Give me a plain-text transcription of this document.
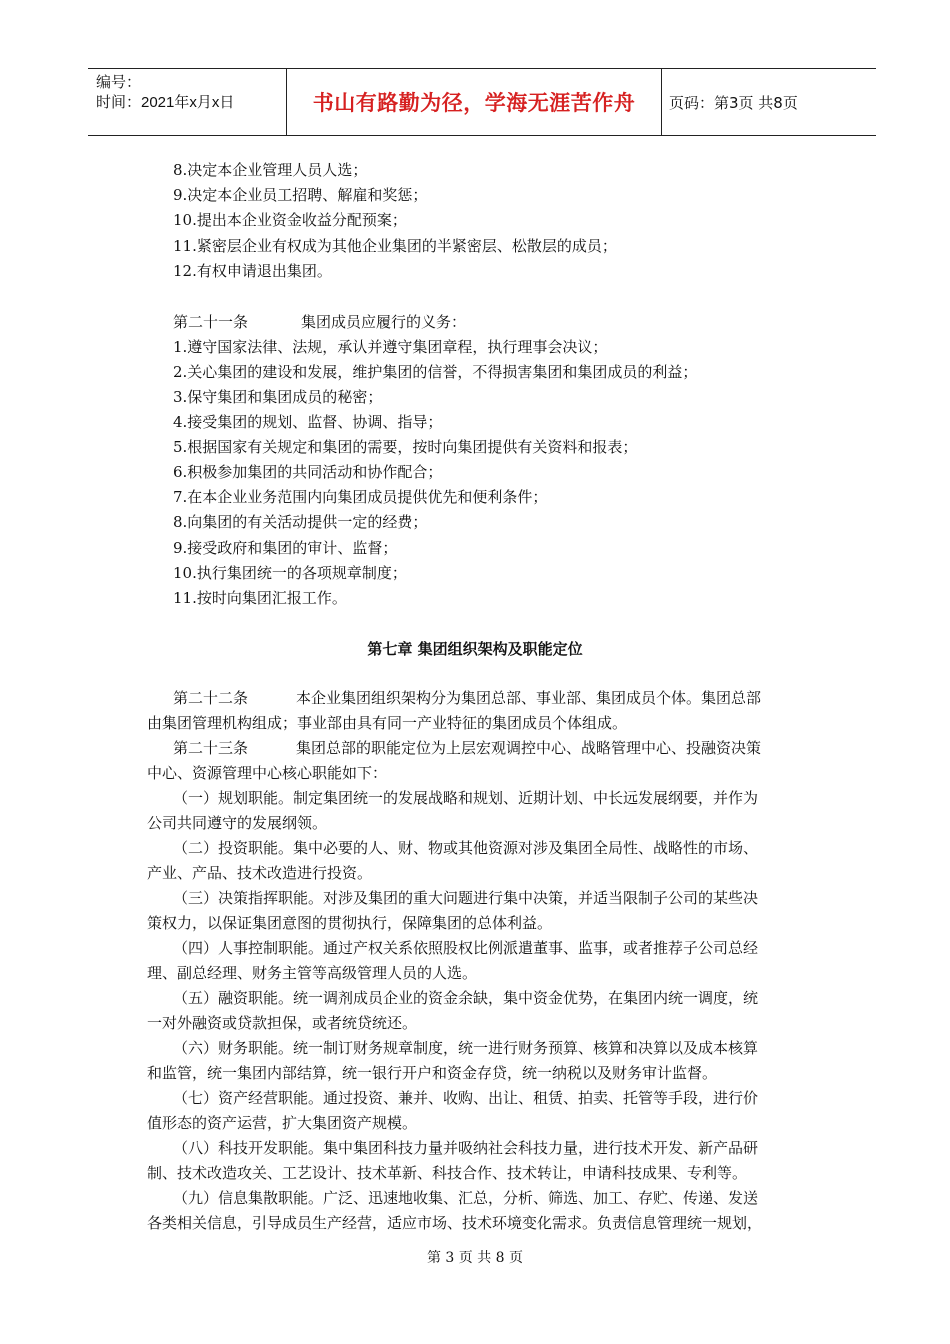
编号：
时间：2021年x月x日	书山有路勤为径，学海无涯苦作舟	页码：第3页 共8页
8.决定本企业管理人员人选；
9.决定本企业员工招聘、解雇和奖惩；
10.提出本企业资金收益分配预案；
11.紧密层企业有权成为其他企业集团的半紧密层、松散层的成员；
12.有权申请退出集团。
第二十一条	集团成员应履行的义务：
1.遵守国家法律、法规，承认并遵守集团章程，执行理事会决议；
2.关心集团的建设和发展，维护集团的信誉，不得损害集团和集团成员的利益；
3.保守集团和集团成员的秘密；
4.接受集团的规划、监督、协调、指导；
5.根据国家有关规定和集团的需要，按时向集团提供有关资料和报表；
6.积极参加集团的共同活动和协作配合；
7.在本企业业务范围内向集团成员提供优先和便利条件；
8.向集团的有关活动提供一定的经费；
9.接受政府和集团的审计、监督；
10.执行集团统一的各项规章制度；
11.按时向集团汇报工作。
第七章 集团组织架构及职能定位
第二十二条	本企业集团组织架构分为集团总部、事业部、集团成员个体。集团总部
由集团管理机构组成；事业部由具有同一产业特征的集团成员个体组成。
第二十三条	集团总部的职能定位为上层宏观调控中心、战略管理中心、投融资决策
中心、资源管理中心核心职能如下：
（一）规划职能。制定集团统一的发展战略和规划、近期计划、中长远发展纲要，并作为
公司共同遵守的发展纲领。
（二）投资职能。集中必要的人、财、物或其他资源对涉及集团全局性、战略性的市场、
产业、产品、技术改造进行投资。
（三）决策指挥职能。对涉及集团的重大问题进行集中决策，并适当限制子公司的某些决
策权力，以保证集团意图的贯彻执行，保障集团的总体利益。
（四）人事控制职能。通过产权关系依照股权比例派遣董事、监事，或者推荐子公司总经
理、副总经理、财务主管等高级管理人员的人选。
（五）融资职能。统一调剂成员企业的资金余缺，集中资金优势，在集团内统一调度，统
一对外融资或贷款担保，或者统贷统还。
（六）财务职能。统一制订财务规章制度，统一进行财务预算、核算和决算以及成本核算
和监管，统一集团内部结算，统一银行开户和资金存贷，统一纳税以及财务审计监督。
（七）资产经营职能。通过投资、兼并、收购、出让、租赁、拍卖、托管等手段，进行价
值形态的资产运营，扩大集团资产规模。
（八）科技开发职能。集中集团科技力量并吸纳社会科技力量，进行技术开发、新产品研
制、技术改造攻关、工艺设计、技术革新、科技合作、技术转让，申请科技成果、专利等。
（九）信息集散职能。广泛、迅速地收集、汇总，分析、筛选、加工、存贮、传递、发送
各类相关信息，引导成员生产经营，适应市场、技术环境变化需求。负责信息管理统一规划，
第 3 页 共 8 页
